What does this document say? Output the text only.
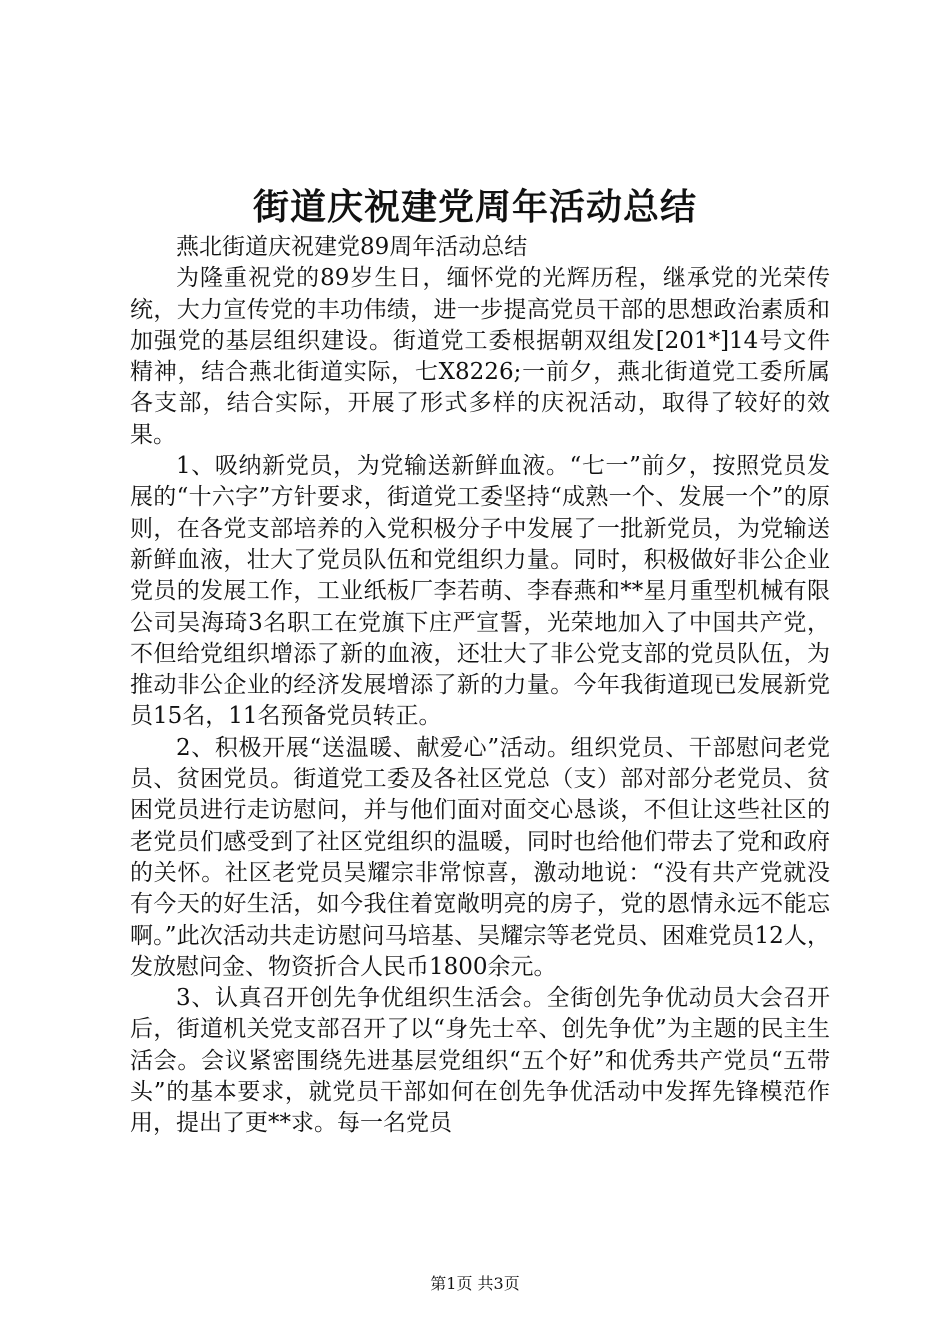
街道庆祝建党周年活动总结

燕北街道庆祝建党89周年活动总结

为隆重祝党的89岁生日，缅怀党的光辉历程，继承党的光荣传统，大力宣传党的丰功伟绩，进一步提高党员干部的思想政治素质和加强党的基层组织建设。街道党工委根据朝双组发[201*]14号文件精神，结合燕北街道实际，七X8226;一前夕，燕北街道党工委所属各支部，结合实际，开展了形式多样的庆祝活动，取得了较好的效果。

1、吸纳新党员，为党输送新鲜血液。“七一”前夕，按照党员发展的“十六字”方针要求，街道党工委坚持“成熟一个、发展一个”的原则，在各党支部培养的入党积极分子中发展了一批新党员，为党输送新鲜血液，壮大了党员队伍和党组织力量。同时，积极做好非公企业党员的发展工作，工业纸板厂李若萌、李春燕和**星月重型机械有限公司吴海琦3名职工在党旗下庄严宣誓，光荣地加入了中国共产党，不但给党组织增添了新的血液，还壮大了非公党支部的党员队伍，为推动非公企业的经济发展增添了新的力量。今年我街道现已发展新党员15名，11名预备党员转正。

2、积极开展“送温暖、献爱心”活动。组织党员、干部慰问老党员、贫困党员。街道党工委及各社区党总（支）部对部分老党员、贫困党员进行走访慰问，并与他们面对面交心恳谈，不但让这些社区的老党员们感受到了社区党组织的温暖，同时也给他们带去了党和政府的关怀。社区老党员吴耀宗非常惊喜，激动地说：“没有共产党就没有今天的好生活，如今我住着宽敞明亮的房子，党的恩情永远不能忘啊。”此次活动共走访慰问马培基、吴耀宗等老党员、困难党员12人，发放慰问金、物资折合人民币1800余元。

3、认真召开创先争优组织生活会。全街创先争优动员大会召开后，街道机关党支部召开了以“身先士卒、创先争优”为主题的民主生活会。会议紧密围绕先进基层党组织“五个好”和优秀共产党员“五带头”的基本要求，就党员干部如何在创先争优活动中发挥先锋模范作用，提出了更**求。每一名党员

第1页 共3页
